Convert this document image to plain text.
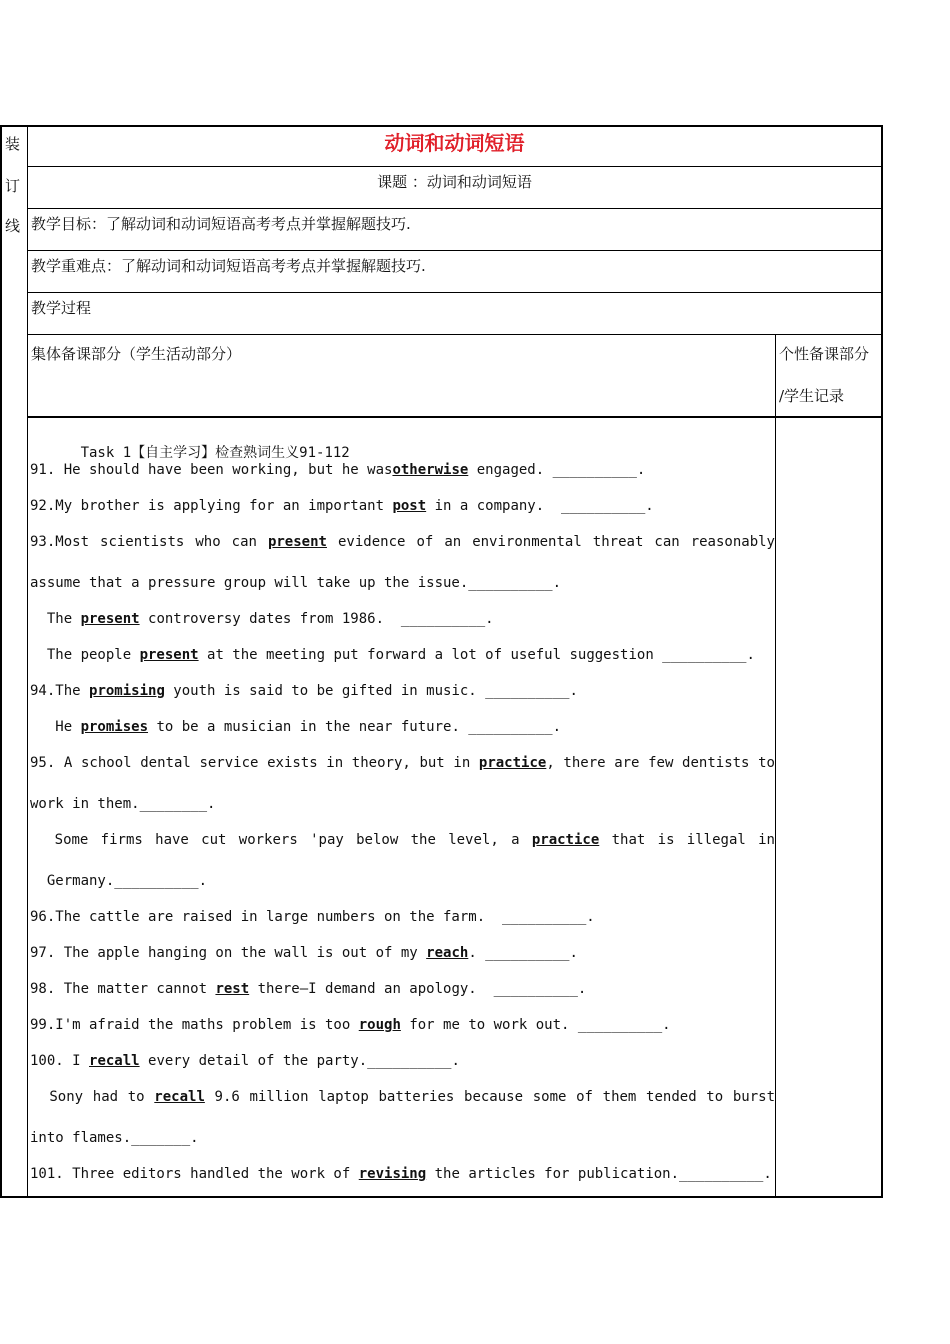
装
订
线
动词和动词短语
课题 ：动词和动词短语
教学目标：了解动词和动词短语高考考点并掌握解题技巧.
教学重难点：了解动词和动词短语高考考点并掌握解题技巧.
教学过程
集体备课部分（学生活动部分）	个性备课部分
/学生记录

Task 1【自主学习】检查熟词生义91-112

91. He should have been working, but he wasotherwise engaged. __________.
92.My brother is applying for an important post in a company.  __________.
93.Most scientists who can present evidence of an environmental threat can reasonably
assume that a pressure group will take up the issue.__________.
The present controversy dates from 1986.  __________.
The people present at the meeting put forward a lot of useful suggestion __________.
94.The promising youth is said to be gifted in music. __________.
He promises to be a musician in the near future. __________.
95. A school dental service exists in theory, but in practice, there are few dentists to
work in them.________.
Some firms have cut workers 'pay below the level, a practice that is illegal in
Germany.__________.
96.The cattle are raised in large numbers on the farm.  __________.
97. The apple hanging on the wall is out of my reach. __________.
98. The matter cannot rest there—I demand an apology.  __________.
99.I'm afraid the maths problem is too rough for me to work out. __________.
100. I recall every detail of the party.__________.
Sony had to recall 9.6 million laptop batteries because some of them tended to burst
into flames._______.
101. Three editors handled the work of revising the articles for publication.__________.
